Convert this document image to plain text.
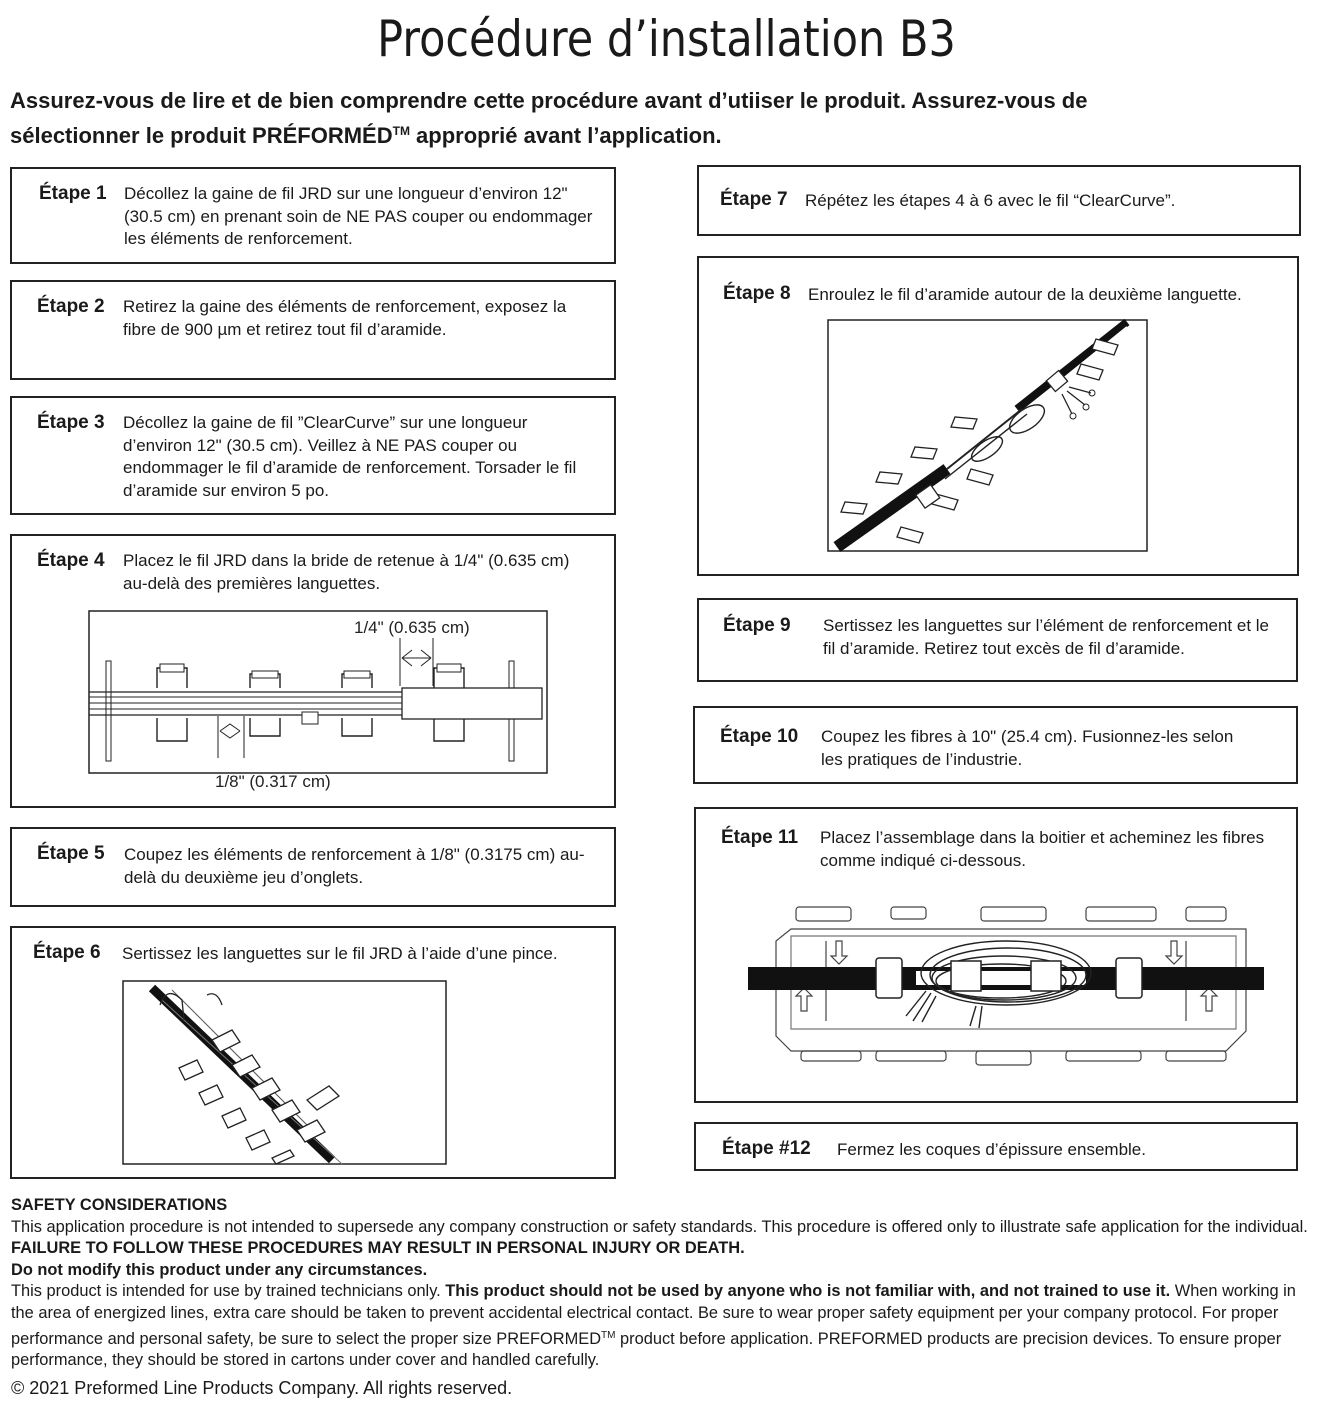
Procédure d’installation B3
Assurez-vous de lire et de bien comprendre cette procédure avant d’utiiser le produit. Assurez-vous de
sélectionner le produit PRÉFORMÉD™ approprié avant l’application.
Étape 1 Décollez la gaine de fil JRD sur une longueur d’environ 12" (30.5 cm) en prenant soin de NE PAS couper ou endommager les éléments de renforcement.
Étape 2 Retirez la gaine des éléments de renforcement, exposez la fibre de 900 µm et retirez tout fil d’aramide.
Étape 3 Décollez la gaine de fil ”ClearCurve” sur une longueur d’environ 12" (30.5 cm). Veillez à NE PAS couper ou endommager le fil d’aramide de renforcement. Torsader le fil d’aramide sur environ 5 po.
Étape 4 Placez le fil JRD dans la bride de retenue à 1/4" (0.635 cm) au-delà des premières languettes.
1/4" (0.635 cm)
1/8" (0.317 cm)
Étape 5 Coupez les éléments de renforcement à 1/8" (0.3175 cm) au-delà du deuxième jeu d’onglets.
Étape 6 Sertissez les languettes sur le fil JRD à l’aide d’une pince.
Étape 7 Répétez les étapes 4 à 6 avec le fil “ClearCurve”.
Étape 8 Enroulez le fil d’aramide autour de la deuxième languette.
Étape 9 Sertissez les languettes sur l’élément de renforcement et le fil d’aramide. Retirez tout excès de fil d’aramide.
Étape 10 Coupez les fibres à 10" (25.4 cm). Fusionnez-les selon les pratiques de l’industrie.
Étape 11 Placez l’assemblage dans la boitier et acheminez les fibres comme indiqué ci-dessous.
Étape #12 Fermez les coques d’épissure ensemble.
SAFETY CONSIDERATIONS
This application procedure is not intended to supersede any company construction or safety standards. This procedure is offered only to illustrate safe application for the individual. FAILURE TO FOLLOW THESE PROCEDURES MAY RESULT IN PERSONAL INJURY OR DEATH.
Do not modify this product under any circumstances.
This product is intended for use by trained technicians only. This product should not be used by anyone who is not familiar with, and not trained to use it. When working in the area of energized lines, extra care should be taken to prevent accidental electrical contact. Be sure to wear proper safety equipment per your company protocol. For proper performance and personal safety, be sure to select the proper size PREFORMED™ product before application. PREFORMED products are precision devices. To ensure proper performance, they should be stored in cartons under cover and handled carefully.
© 2021 Preformed Line Products Company. All rights reserved.
